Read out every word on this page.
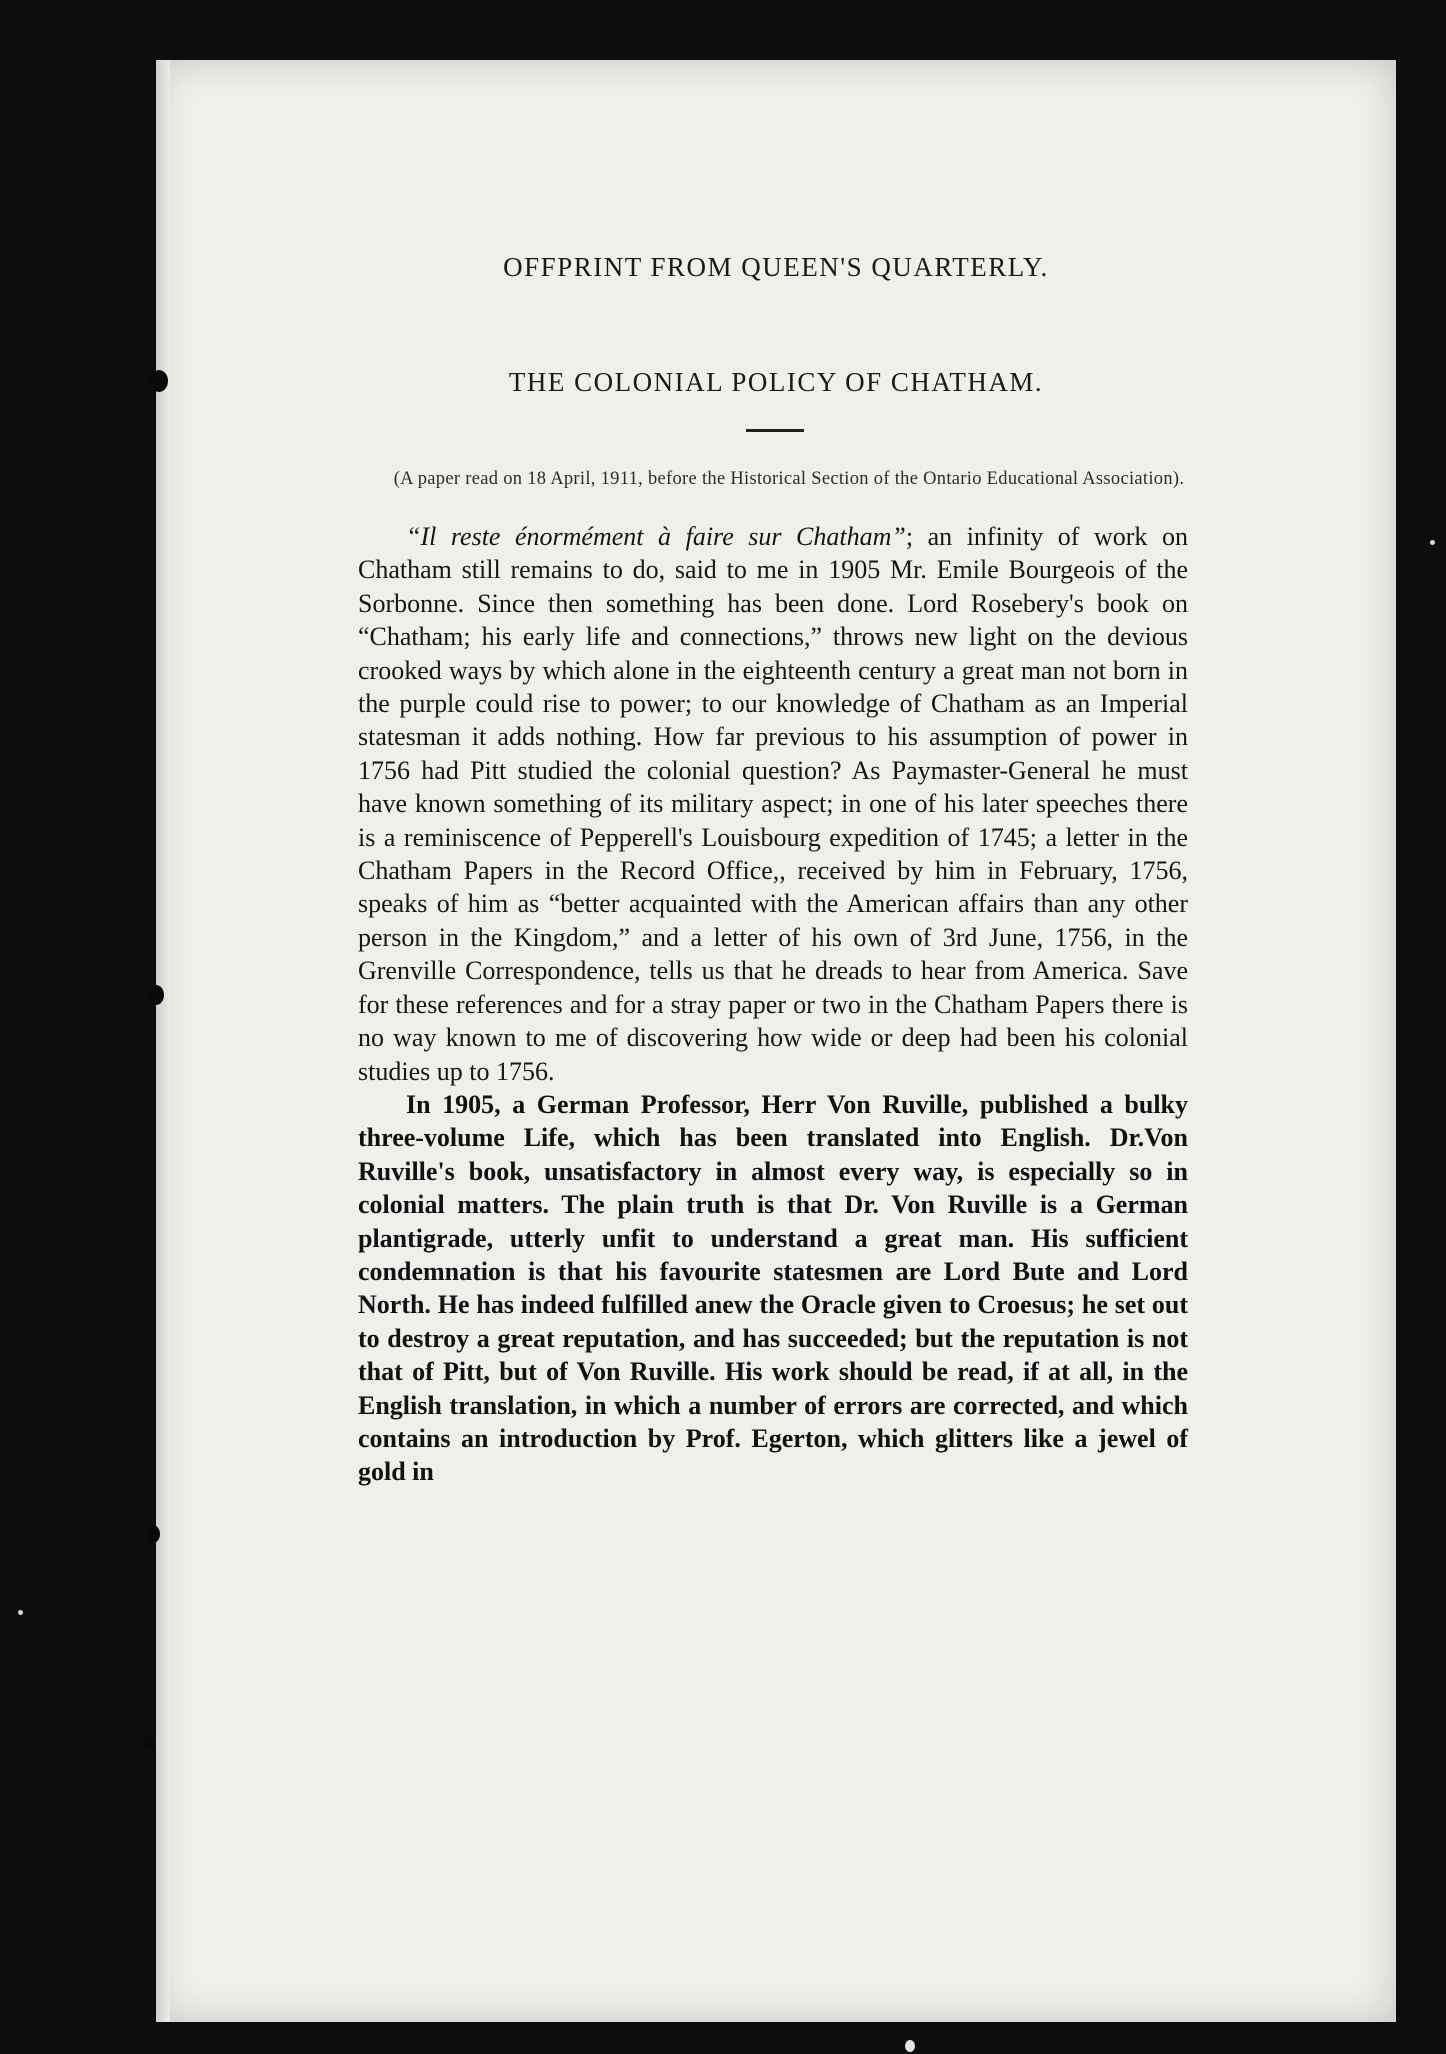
OFFPRINT FROM QUEEN'S QUARTERLY.
THE COLONIAL POLICY OF CHATHAM.
(A paper read on 18 April, 1911, before the Historical Section of the Ontario Educational Association).

“Il reste énormément à faire sur Chatham”; an infinity of work on Chatham still remains to do, said to me in 1905 Mr. Emile Bourgeois of the Sorbonne. Since then something has been done. Lord Rosebery's book on “Chatham; his early life and connections,” throws new light on the devious crooked ways by which alone in the eighteenth century a great man not born in the purple could rise to power; to our knowledge of Chatham as an Imperial statesman it adds nothing. How far previous to his assumption of power in 1756 had Pitt studied the colonial question? As Paymaster-General he must have known something of its military aspect; in one of his later speeches there is a reminiscence of Pepperell's Louisbourg expedition of 1745; a letter in the Chatham Papers in the Record Office,, received by him in February, 1756, speaks of him as “better acquainted with the American affairs than any other person in the Kingdom,” and a letter of his own of 3rd June, 1756, in the Grenville Correspondence, tells us that he dreads to hear from America. Save for these references and for a stray paper or two in the Chatham Papers there is no way known to me of discovering how wide or deep had been his colonial studies up to 1756.

In 1905, a German Professor, Herr Von Ruville, published a bulky three-volume Life, which has been translated into English. Dr.Von Ruville's book, unsatisfactory in almost every way, is especially so in colonial matters. The plain truth is that Dr. Von Ruville is a German plantigrade, utterly unfit to understand a great man. His sufficient condemnation is that his favourite statesmen are Lord Bute and Lord North. He has indeed fulfilled anew the Oracle given to Croesus; he set out to destroy a great reputation, and has succeeded; but the reputation is not that of Pitt, but of Von Ruville. His work should be read, if at all, in the English translation, in which a number of errors are corrected, and which contains an introduction by Prof. Egerton, which glitters like a jewel of gold in
